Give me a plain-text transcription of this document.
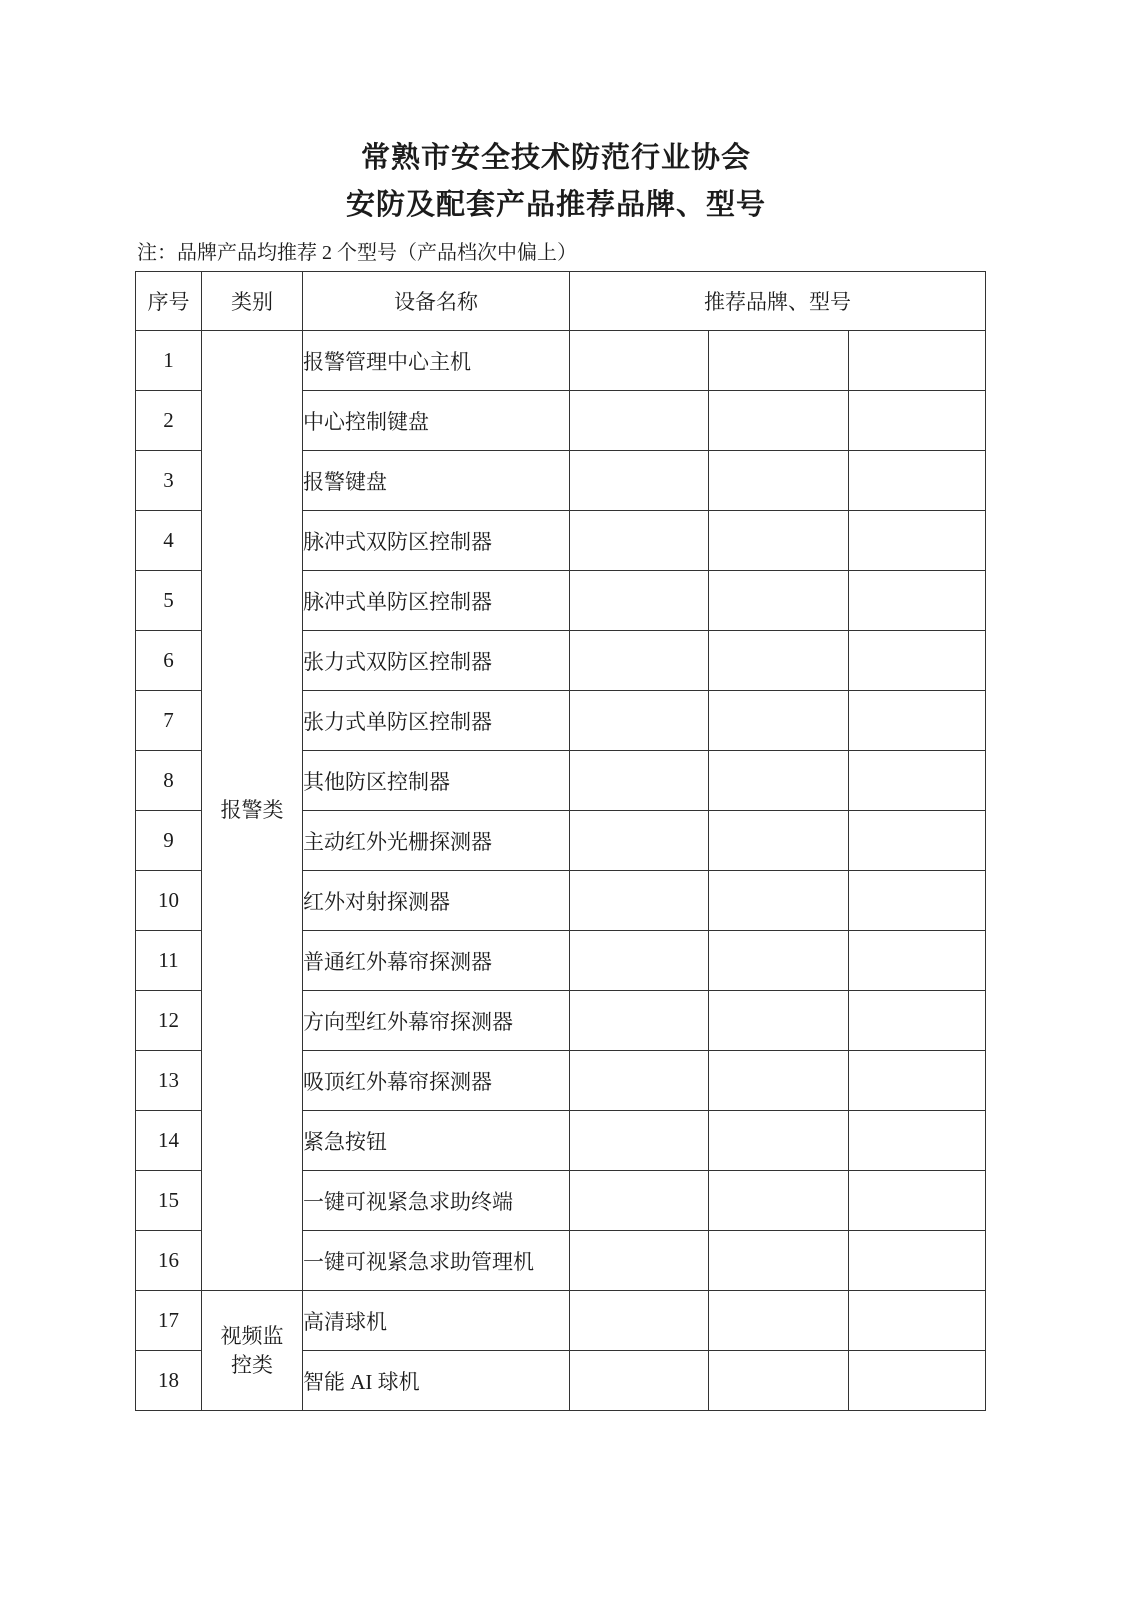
常熟市安全技术防范行业协会
安防及配套产品推荐品牌、型号
注：品牌产品均推荐 2 个型号（产品档次中偏上）
序号	类别	设备名称	推荐品牌、型号		
1	报警类	报警管理中心主机			
2		中心控制键盘			
3		报警键盘			
4		脉冲式双防区控制器			
5		脉冲式单防区控制器			
6		张力式双防区控制器			
7		张力式单防区控制器			
8		其他防区控制器			
9		主动红外光栅探测器			
10		红外对射探测器			
11		普通红外幕帘探测器			
12		方向型红外幕帘探测器			
13		吸顶红外幕帘探测器			
14		紧急按钮			
15		一键可视紧急求助终端			
16		一键可视紧急求助管理机			
17	视频监控类	高清球机			
18		智能 AI 球机			
